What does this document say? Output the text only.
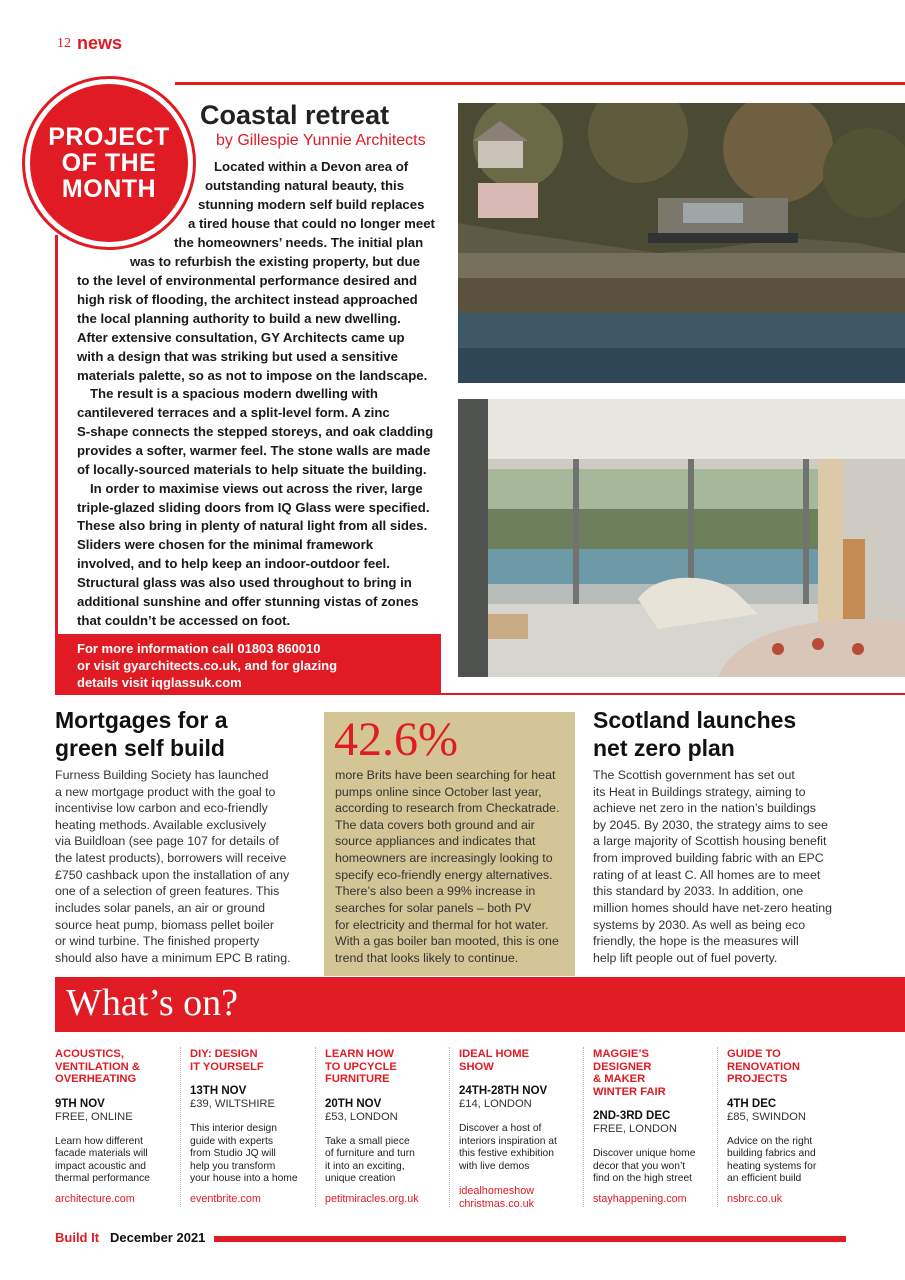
12 news
PROJECT
OF THE
MONTH
Coastal retreat
by Gillespie Yunnie Architects
Located within a Devon area of
outstanding natural beauty, this
stunning modern self build replaces
a tired house that could no longer meet
the homeowners’ needs. The initial plan
was to refurbish the existing property, but due
to the level of environmental performance desired and
high risk of flooding, the architect instead approached
the local planning authority to build a new dwelling.
After extensive consultation, GY Architects came up
with a design that was striking but used a sensitive
materials palette, so as not to impose on the landscape.
The result is a spacious modern dwelling with
cantilevered terraces and a split-level form. A zinc
S-shape connects the stepped storeys, and oak cladding
provides a softer, warmer feel. The stone walls are made
of locally-sourced materials to help situate the building.
In order to maximise views out across the river, large
triple-glazed sliding doors from IQ Glass were specified.
These also bring in plenty of natural light from all sides.
Sliders were chosen for the minimal framework
involved, and to help keep an indoor-outdoor feel.
Structural glass was also used throughout to bring in
additional sunshine and offer stunning vistas of zones
that couldn’t be accessed on foot.
For more information call 01803 860010
or visit gyarchitects.co.uk, and for glazing
details visit iqglassuk.com
Mortgages for a
green self build
Furness Building Society has launched
a new mortgage product with the goal to
incentivise low carbon and eco-friendly
heating methods. Available exclusively
via Buildloan (see page 107 for details of
the latest products), borrowers will receive
£750 cashback upon the installation of any
one of a selection of green features. This
includes solar panels, an air or ground
source heat pump, biomass pellet boiler
or wind turbine. The finished property
should also have a minimum EPC B rating.
42.6%
more Brits have been searching for heat
pumps online since October last year,
according to research from Checkatrade.
The data covers both ground and air
source appliances and indicates that
homeowners are increasingly looking to
specify eco-friendly energy alternatives.
There’s also been a 99% increase in
searches for solar panels – both PV
for electricity and thermal for hot water.
With a gas boiler ban mooted, this is one
trend that looks likely to continue.
Scotland launches
net zero plan
The Scottish government has set out
its Heat in Buildings strategy, aiming to
achieve net zero in the nation’s buildings
by 2045. By 2030, the strategy aims to see
a large majority of Scottish housing benefit
from improved building fabric with an EPC
rating of at least C. All homes are to meet
this standard by 2033. In addition, one
million homes should have net-zero heating
systems by 2030. As well as being eco
friendly, the hope is the measures will
help lift people out of fuel poverty.
What’s on?
ACOUSTICS,
VENTILATION &
OVERHEATING
9TH NOV
FREE, ONLINE
Learn how different
facade materials will
impact acoustic and
thermal performance
architecture.com
DIY: DESIGN
IT YOURSELF
13TH NOV
£39, WILTSHIRE
This interior design
guide with experts
from Studio JQ will
help you transform
your house into a home
eventbrite.com
LEARN HOW
TO UPCYCLE
FURNITURE
20TH NOV
£53, LONDON
Take a small piece
of furniture and turn
it into an exciting,
unique creation
petitmiracles.org.uk
IDEAL HOME
SHOW
24TH-28TH NOV
£14, LONDON
Discover a host of
interiors inspiration at
this festive exhibition
with live demos
idealhomeshow
christmas.co.uk
MAGGIE’S
DESIGNER
& MAKER
WINTER FAIR
2ND-3RD DEC
FREE, LONDON
Discover unique home
decor that you won’t
find on the high street
stayhappening.com
GUIDE TO
RENOVATION
PROJECTS
4TH DEC
£85, SWINDON
Advice on the right
building fabrics and
heating systems for
an efficient build
nsbrc.co.uk
Build It December 2021
